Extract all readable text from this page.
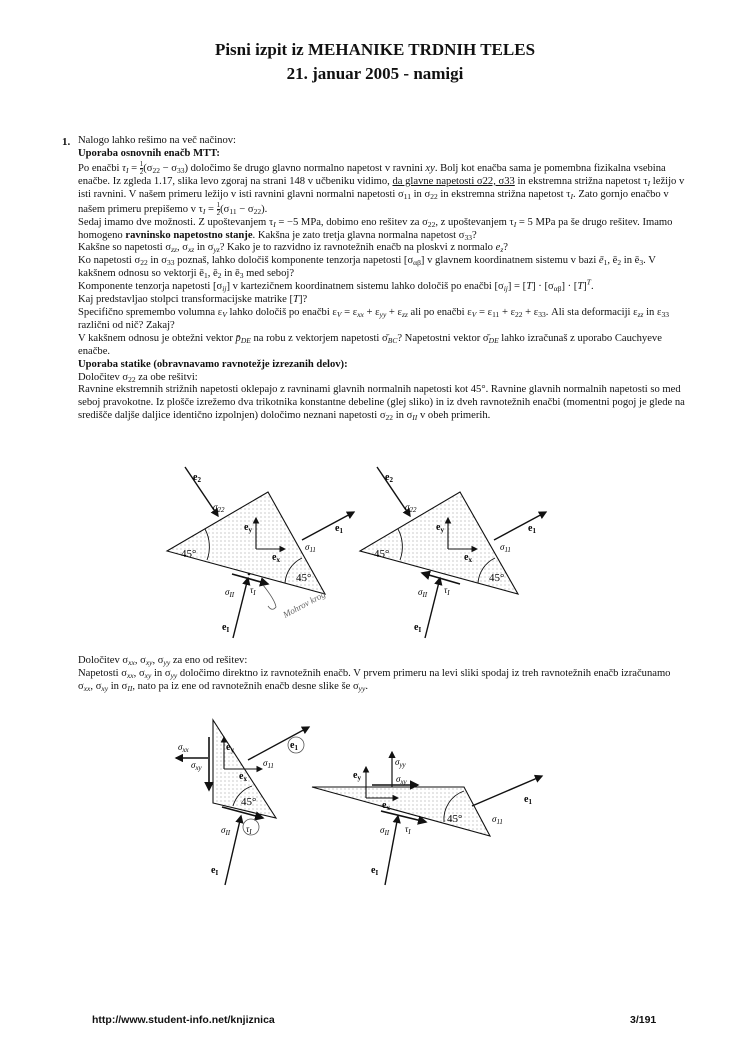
Pisni izpit iz MEHANIKE TRDNIH TELES
21. januar 2005 - namigi
1. Nalogo lahko rešimo na več načinov:

Uporaba osnovnih enačb MTT:

Po enačbi $\tau_I = \frac{1}{2} (\sigma_{22} - \sigma_{33})$ določimo še drugo glavno normalno napetost v ravnini xy. Bolj kot enačba sama je pomembna fizikalna vsebina enačbe. Iz zgleda 1.17, slika levo zgoraj na strani 148 v učbeniku vidimo, da glavne napetosti σ22, σ33 in ekstremna strižna napetost $\tau_I$ ležijo v isti ravnini. V našem primeru ležijo v isti ravnini glavni normalni napetosti $\sigma_{11}$ in $\sigma_{22}$ in ekstremna strižna napetost $\tau_I$. Zato gornjo enačbo v našem primeru prepišemo v $\tau_I = \frac{1}{2} (\sigma_{11} - \sigma_{22})$.

Sedaj imamo dve možnosti. Z upoštevanjem $\tau_I = -5$ MPa, dobimo eno rešitev za $\sigma_{22}$, z upoštevanjem $\tau_I = 5$ MPa pa še drugo rešitev. Imamo homogeno ravninsko napetostno stanje. Kakšna je zato tretja glavna normalna napetost $\sigma_{33}$?

Kakšne so napetosti $\sigma_{zz}$, $\sigma_{xz}$ in $\sigma_{yz}$? Kako je to razvidno iz ravnotežnih enačb na ploskvi z normalo $e_z$?

Ko napetosti $\sigma_{22}$ in $\sigma_{33}$ poznaš, lahko določiš komponente tenzorja napetosti $[\sigma_{\alpha\beta}]$ v glavnem koordinatnem sistemu v bazi $ē_1$, $ē_2$ in $ē_3$. V kakšnem odnosu so vektorji $ē_1$, $ē_2$ in $ē_3$ med seboj?

Komponente tenzorja napetosti $[\sigma_{ij}]$ v kartezičnem koordinatnem sistemu lahko določiš po enačbi $[\sigma_{ij}] = [T] \cdot [\sigma_{\alpha\beta}] \cdot [T]^T$.

Kaj predstavljao stolpci transformacijske matrike [T]?

Specifično spremembo volumna $\varepsilon_V$ lahko določiš po enačbi $\varepsilon_V = \varepsilon_{xx} + \varepsilon_{yy} + \varepsilon_{zz}$ ali po enačbi $\varepsilon_V = \varepsilon_{11} + \varepsilon_{22} + \varepsilon_{33}$. Ali sta deformaciji $\varepsilon_{zz}$ in $\varepsilon_{33}$ različni od nič? Zakaj?

V kakšnem odnosu je obtežni vektor $p̄_{DE}$ na robu z vektorjem napetosti $\sigmā_{BC}$? Napetostni vektor $\sigmā_{DE}$ lahko izračunaš z uporabo Cauchyeve enačbe.

Uporaba statike (obravnavamo ravnotežje izrezanih delov):

Določitev $\sigma_{22}$ za obe rešitvi:

Ravnine ekstremnih strižnih napetosti oklepajo z ravninami glavnih normalnih napetosti kot 45°. Ravnine glavnih normalnih napetosti so med seboj pravokotne. Iz plošče izrežemo dva trikotnika konstantne debeline (glej sliko) in iz dveh ravnotežnih enačbi (momentni pogoj je glede na središče daljše daljice identično izpolnjen) določimo neznani napetosti $\sigma_{22}$ in $\sigma_{II}$ v obeh primerih.

45°
45°
$e_y$
$e_x$
$e_2$
$\sigma_{22}$
$e_1$
$\sigma_{11}$
$\tau_I$
$\sigma_{II}$
$e_I$
Mohrov krog
45°
45°
$e_y$
$e_x$
$e_2$
$\sigma_{22}$
$e_1$
$\sigma_{11}$
$\tau_I$
$\sigma_{II}$
$e_I$

Določitev $\sigma_{xx}$, $\sigma_{xy}$, $\sigma_{yy}$ za eno od rešitev:

Napetosti $\sigma_{xx}$, $\sigma_{xy}$ in $\sigma_{yy}$ določimo direktno iz ravnotežnih enačb. V prvem primeru na levi sliki spodaj iz treh ravnotežnih enačb izračunamo $\sigma_{xx}$, $\sigma_{xy}$ in $\sigma_{II}$, nato pa iz ene od ravnotežnih enačb desne slike še $\sigma_{yy}$.

45°
$e_y$
$e_x$
$\sigma_{xx}$
$\sigma_{xy}$
$e_1$
$\sigma_{11}$
$\tau_I$
$\sigma_{II}$
$e_I$
45°
$e_y$
$e_x$
$\sigma_{yy}$
$\sigma_{xy}$
$e_1$
$\sigma_{11}$
$\tau_I$
$\sigma_{II}$
$e_I$
http://www.student-info.net/knjiznica	3/191
